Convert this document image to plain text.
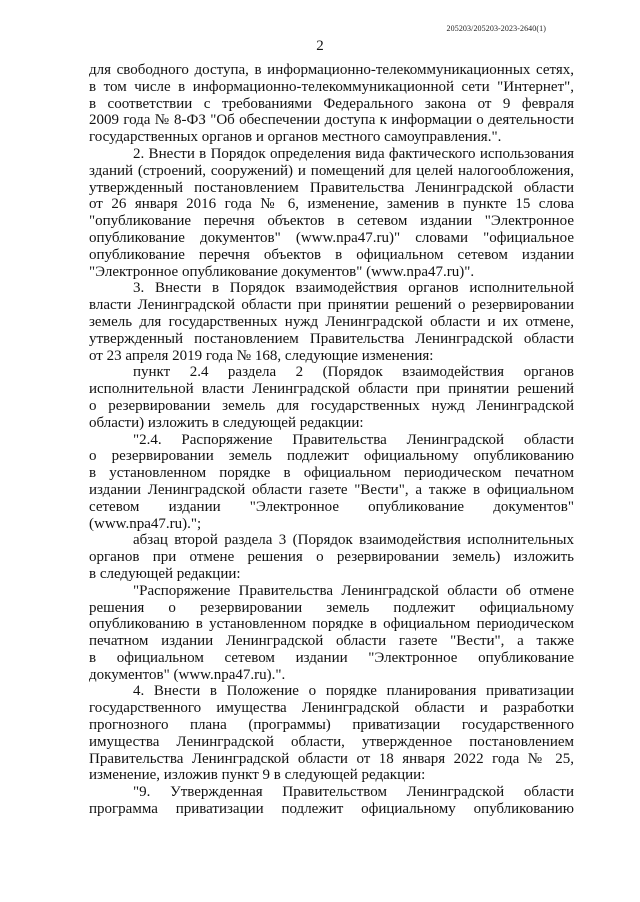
205203/205203-2023-2640(1)
2
для свободного доступа, в информационно-телекоммуникационных сетях,
в том числе в информационно-телекоммуникационной сети "Интернет",
в соответствии с требованиями Федерального закона от 9 февраля
2009 года № 8-ФЗ "Об обеспечении доступа к информации о деятельности
государственных органов и органов местного самоуправления.".
2. Внести в Порядок определения вида фактического использования
зданий (строений, сооружений) и помещений для целей налогообложения,
утвержденный постановлением Правительства Ленинградской области
от 26 января 2016 года № 6, изменение, заменив в пункте 15 слова
"опубликование перечня объектов в сетевом издании "Электронное
опубликование документов" (www.npa47.ru)" словами "официальное
опубликование перечня объектов в официальном сетевом издании
"Электронное опубликование документов" (www.npa47.ru)".
3. Внести в Порядок взаимодействия органов исполнительной
власти Ленинградской области при принятии решений о резервировании
земель для государственных нужд Ленинградской области и их отмене,
утвержденный постановлением Правительства Ленинградской области
от 23 апреля 2019 года № 168, следующие изменения:
пункт 2.4 раздела 2 (Порядок взаимодействия органов
исполнительной власти Ленинградской области при принятии решений
о резервировании земель для государственных нужд Ленинградской
области) изложить в следующей редакции:
"2.4. Распоряжение Правительства Ленинградской области
о резервировании земель подлежит официальному опубликованию
в установленном порядке в официальном периодическом печатном
издании Ленинградской области газете "Вести", а также в официальном
сетевом издании "Электронное опубликование документов"
(www.npa47.ru).";
абзац второй раздела 3 (Порядок взаимодействия исполнительных
органов при отмене решения о резервировании земель) изложить
в следующей редакции:
"Распоряжение Правительства Ленинградской области об отмене
решения о резервировании земель подлежит официальному
опубликованию в установленном порядке в официальном периодическом
печатном издании Ленинградской области газете "Вести", а также
в официальном сетевом издании "Электронное опубликование
документов" (www.npa47.ru).".
4. Внести в Положение о порядке планирования приватизации
государственного имущества Ленинградской области и разработки
прогнозного плана (программы) приватизации государственного
имущества Ленинградской области, утвержденное постановлением
Правительства Ленинградской области от 18 января 2022 года № 25,
изменение, изложив пункт 9 в следующей редакции:
"9. Утвержденная Правительством Ленинградской области
программа приватизации подлежит официальному опубликованию
